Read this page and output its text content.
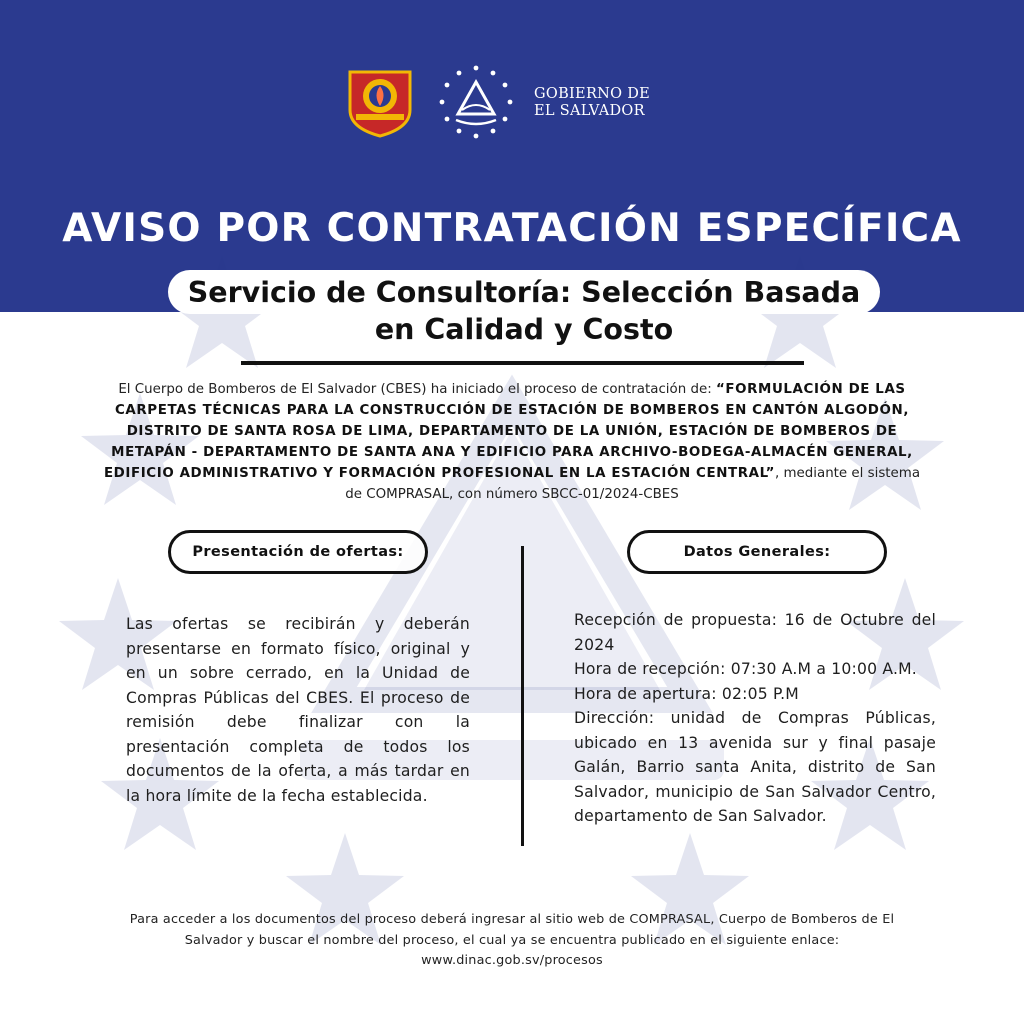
GOBIERNO DE
EL SALVADOR
AVISO POR CONTRATACIÓN ESPECÍFICA
Servicio de Consultoría: Selección Basada en Calidad y Costo
El Cuerpo de Bomberos de El Salvador (CBES) ha iniciado el proceso de contratación de: “FORMULACIÓN DE LAS CARPETAS TÉCNICAS PARA LA CONSTRUCCIÓN DE ESTACIÓN DE BOMBEROS EN CANTÓN ALGODÓN, DISTRITO DE SANTA ROSA DE LIMA, DEPARTAMENTO DE LA UNIÓN, ESTACIÓN DE BOMBEROS DE METAPÁN - DEPARTAMENTO DE SANTA ANA Y EDIFICIO PARA ARCHIVO-BODEGA-ALMACÉN GENERAL, EDIFICIO ADMINISTRATIVO Y FORMACIÓN PROFESIONAL EN LA ESTACIÓN CENTRAL”, mediante el sistema de COMPRASAL, con número SBCC-01/2024-CBES
Presentación de ofertas:	Datos Generales:
Las ofertas se recibirán y deberán presentarse en formato físico, original y en un sobre cerrado, en la Unidad de Compras Públicas del CBES. El proceso de remisión debe finalizar con la presentación completa de todos los documentos de la oferta, a más tardar en la hora límite de la fecha establecida.
Recepción de propuesta: 16 de Octubre del 2024
Hora de recepción: 07:30 A.M a 10:00 A.M.
Hora de apertura: 02:05 P.M
Dirección: unidad de Compras Públicas, ubicado en 13 avenida sur y final pasaje Galán, Barrio santa Anita, distrito de San Salvador, municipio de San Salvador Centro, departamento de San Salvador.
Para acceder a los documentos del proceso deberá ingresar al sitio web de COMPRASAL, Cuerpo de Bomberos de El Salvador y buscar el nombre del proceso, el cual ya se encuentra publicado en el siguiente enlace: www.dinac.gob.sv/procesos
